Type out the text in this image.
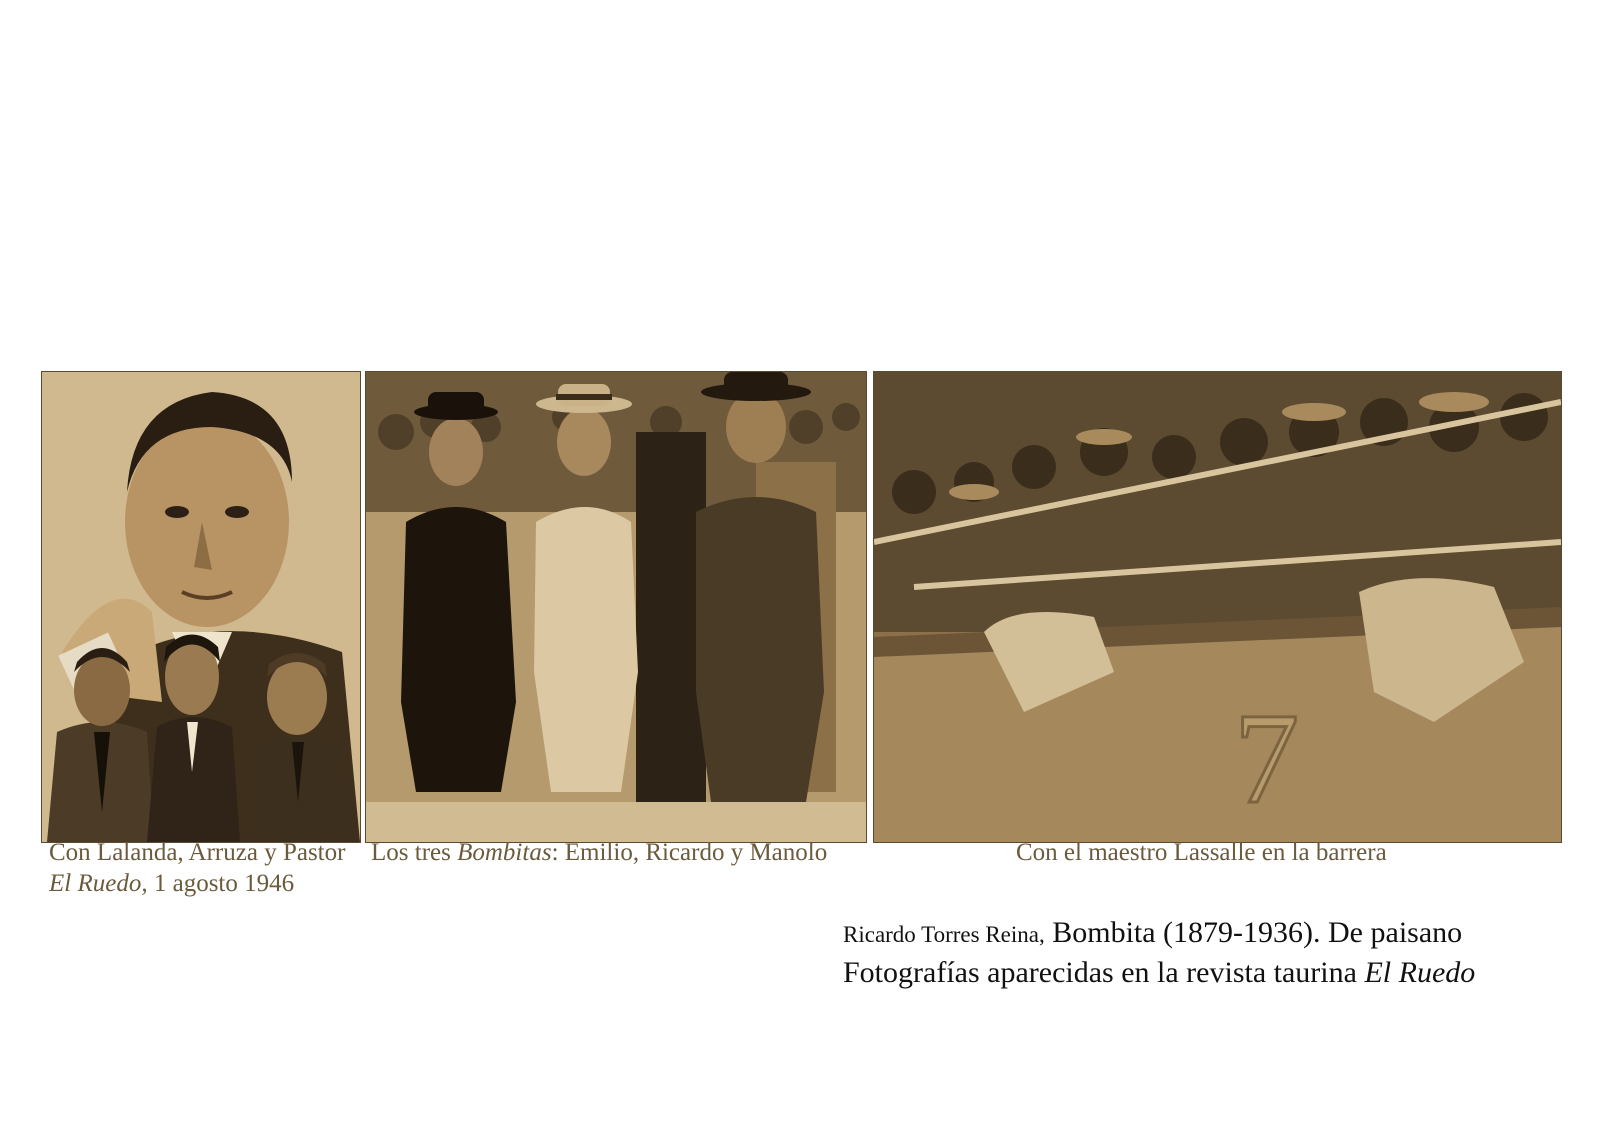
7
Con Lalanda, Arruza y Pastor
El Ruedo, 1 agosto 1946
Los tres Bombitas: Emilio, Ricardo y Manolo	Con el maestro Lassalle en la barrera
Ricardo Torres Reina, Bombita (1879-1936). De paisano
Fotografías aparecidas en la revista taurina El Ruedo
